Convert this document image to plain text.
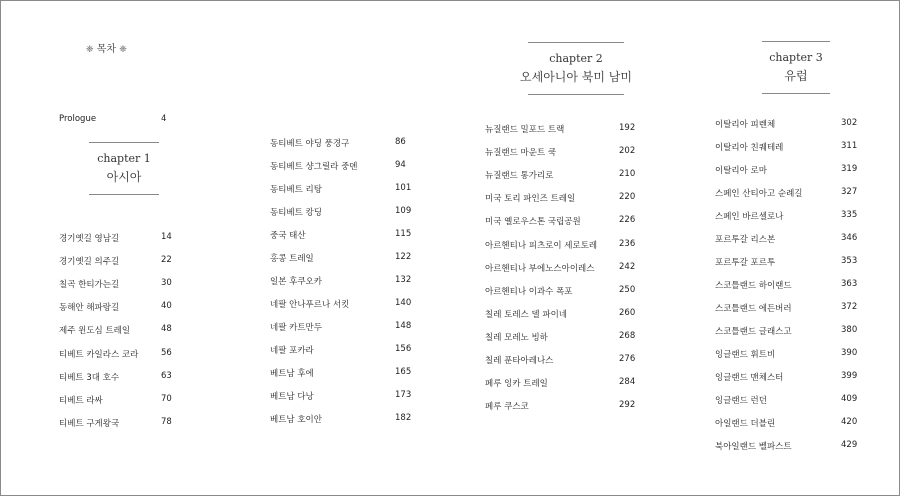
❈ 목차 ❈
Prologue	4
chapter 1
아시아
chapter 2
오세아니아 북미 남미
chapter 3
유럽
경기옛길 영남길	14
경기옛길 의주길	22
칠곡 한티가는길	30
동해안 해파랑길	40
제주 윈도심 트레일	48
티베트 카일라스 코라	56
티베트 3대 호수	63
티베트 라싸	70
티베트 구게왕국	78
동티베트 야딩 풍경구	86
동티베트 샹그릴라 중뎬	94
동티베트 리탕	101
동티베트 캉딩	109
중국 태산	115
홍콩 트레일	122
일본 후쿠오카	132
네팔 안나푸르나 서킷	140
네팔 카트만두	148
네팔 포카라	156
베트남 후에	165
베트남 다낭	173
베트남 호이안	182
뉴질랜드 밀포드 트랙	192
뉴질랜드 마운트 쿡	202
뉴질랜드 통가리로	210
미국 토리 파인즈 트레일	220
미국 옐로우스톤 국립공원	226
아르헨티나 피츠로이 세로토레	236
아르헨티나 부에노스아이레스	242
아르헨티나 이과수 폭포	250
칠레 토레스 델 파이네	260
칠레 모레노 빙하	268
칠레 푼타아레나스	276
페루 잉카 트레일	284
페루 쿠스코	292
이탈리아 피렌체	302
이탈리아 친퀘테레	311
이탈리아 로마	319
스페인 산티아고 순례길	327
스페인 바르셀로나	335
포르투갈 리스본	346
포르투갈 포르투	353
스코틀랜드 하이랜드	363
스코틀랜드 에든버러	372
스코틀랜드 글래스고	380
잉글랜드 휘트비	390
잉글랜드 맨체스터	399
잉글랜드 런던	409
아일랜드 더블린	420
북아일랜드 벨파스트	429
